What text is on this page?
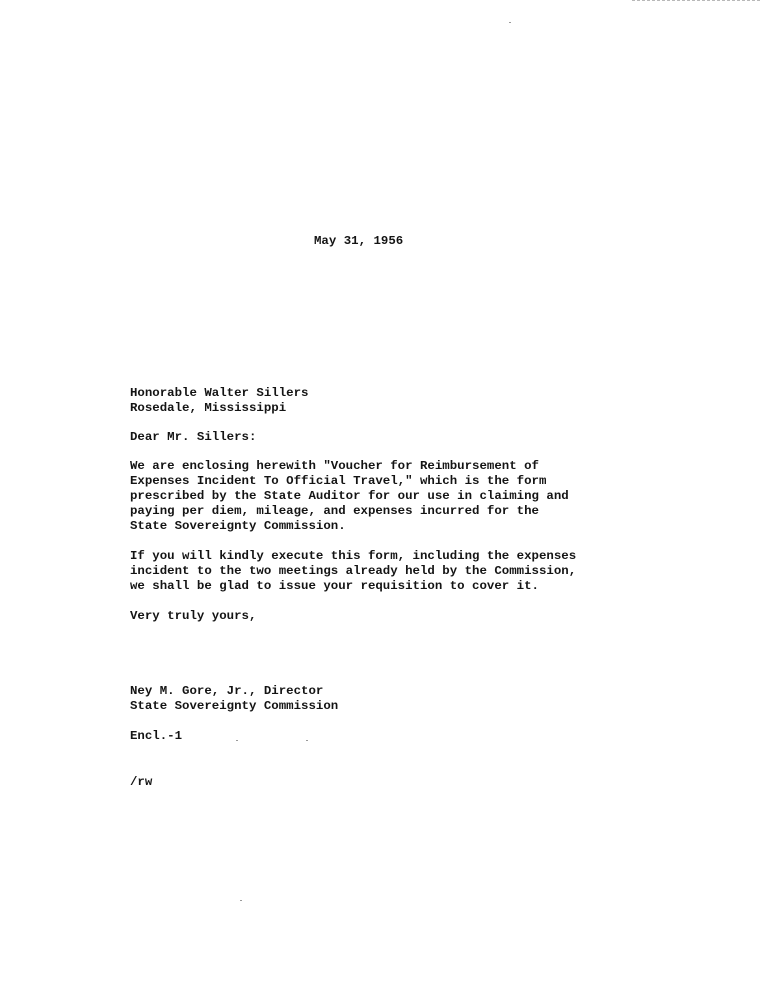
May 31, 1956
Honorable Walter Sillers
Rosedale, Mississippi
Dear Mr. Sillers:
We are enclosing herewith "Voucher for Reimbursement of
Expenses Incident To Official Travel," which is the form
prescribed by the State Auditor for our use in claiming and
paying per diem, mileage, and expenses incurred for the
State Sovereignty Commission.
If you will kindly execute this form, including the expenses
incident to the two meetings already held by the Commission,
we shall be glad to issue your requisition to cover it.
Very truly yours,
Ney M. Gore, Jr., Director
State Sovereignty Commission
Encl.-1
/rw
